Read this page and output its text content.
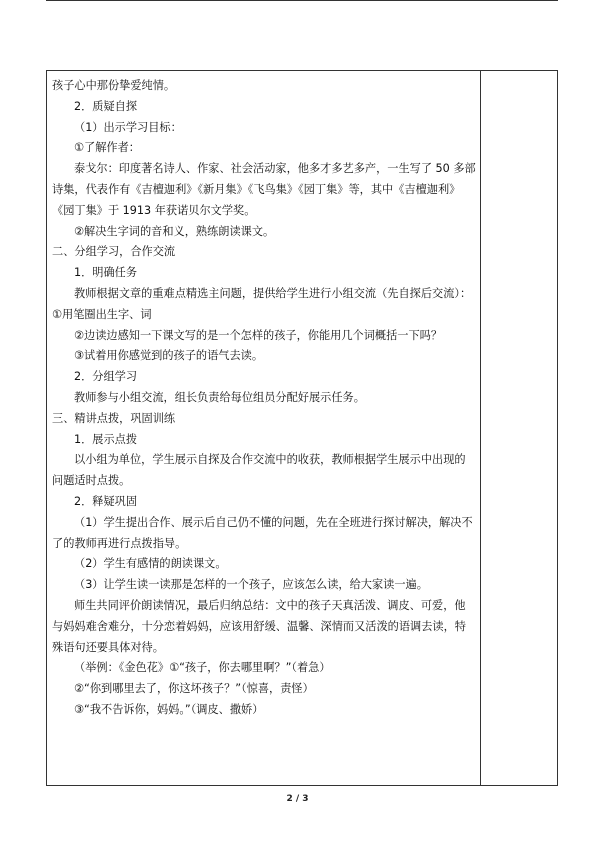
孩子心中那份挚爱纯情。
2．质疑自探
（1）出示学习目标：
①了解作者：
泰戈尔：印度著名诗人、作家、社会活动家，他多才多艺多产，一生写了 50 多部诗集，代表作有《吉檀迦利》《新月集》《飞鸟集》《园丁集》等，其中《吉檀迦利》《园丁集》于 1913 年获诺贝尔文学奖。
②解决生字词的音和义，熟练朗读课文。
二、分组学习，合作交流
1．明确任务
教师根据文章的重难点精选主问题，提供给学生进行小组交流（先自探后交流）：①用笔圈出生字、词
②边读边感知一下课文写的是一个怎样的孩子，你能用几个词概括一下吗？
③试着用你感觉到的孩子的语气去读。
2．分组学习
教师参与小组交流，组长负责给每位组员分配好展示任务。
三、精讲点拨，巩固训练
1．展示点拨
以小组为单位，学生展示自探及合作交流中的收获，教师根据学生展示中出现的问题适时点拨。
2．释疑巩固
（1）学生提出合作、展示后自己仍不懂的问题，先在全班进行探讨解决，解决不了的教师再进行点拨指导。
（2）学生有感情的朗读课文。
（3）让学生读一读那是怎样的一个孩子，应该怎么读，给大家读一遍。
师生共同评价朗读情况，最后归纳总结：文中的孩子天真活泼、调皮、可爱，他与妈妈难舍难分，十分恋着妈妈，应该用舒缓、温馨、深情而又活泼的语调去读，特殊语句还要具体对待。
（举例：《金色花》①“孩子，你去哪里啊？”（着急）
②“你到哪里去了，你这坏孩子？”（惊喜，责怪）
③“我不告诉你，妈妈。”（调皮、撒娇）
2 / 3
